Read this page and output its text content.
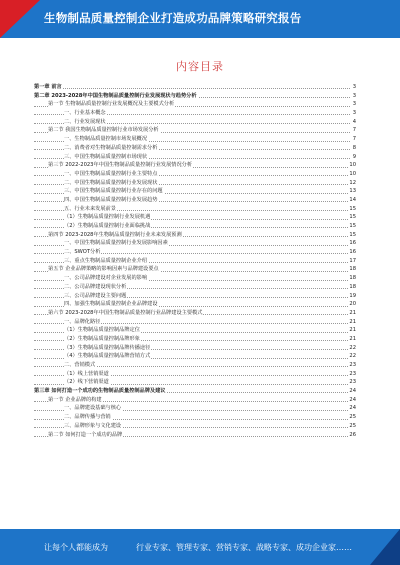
生物制品质量控制企业打造成功品牌策略研究报告
内容目录
第一章 前言	3
第二章 2023-2028年中国生物制品质量控制行业发展现状与趋势分析	3
第一节 生物制品质量控制行业发展概况及主要模式分析	3
一、行业基本概念	3
二、行业发展现状	4
第二节 我国生物制品质量控制行业市场发展分析	7
一、生物制品质量控制市场发展概况	7
二、消费者对生物制品质量控制需求分析	8
三、中国生物制品质量控制市场现状	9
第三节 2022-2023年中国生物制品质量控制行业发展情况分析	10
一、中国生物制品质量控制行业主要特点	10
二、中国生物制品质量控制行业发展现状	12
三、中国生物制品质量控制行业存在的问题	13
四、中国生物制品质量控制行业发展趋势	14
五、行业未来发展前景	15
（1）生物制品质量控制行业发展机遇	15
（2）生物制品质量控制行业面临挑战	15
第四节 2023-2028年生物制品质量控制行业未来发展预测	15
一、中国生物制品质量控制行业发展影响因素	16
二、SWOT分析	16
三、重点生物制品质量控制企业介绍	17
第五节 企业品牌策略的影响因素与品牌建设要点	18
一、公司品牌建设对企业发展的影响	18
二、公司品牌建设现状分析	18
三、公司品牌建设主要问题	19
四、加强生物制品质量控制企业品牌建设	20
第六节 2023-2028年中国生物制品质量控制行业品牌建设主要模式	21
一、品牌化路径	21
（1）生物制品质量控制品牌定位	21
（2）生物制品质量控制品牌形象	21
（3）生物制品质量控制品牌传播途径	22
（4）生物制品质量控制品牌营销方式	22
二、营销模式	23
（1）线上营销渠道	23
（2）线下营销渠道	23
第三章 如何打造一个成功的生物制品质量控制品牌及建议	24
第一节 企业品牌的构建	24
一、品牌建设基础与核心	24
二、品牌传播与营销	25
三、品牌形象与文化建设	25
第二节 如何打造一个成功的品牌	26
让每个人都能成为	行业专家、管理专家、营销专家、战略专家、成功企业家……
